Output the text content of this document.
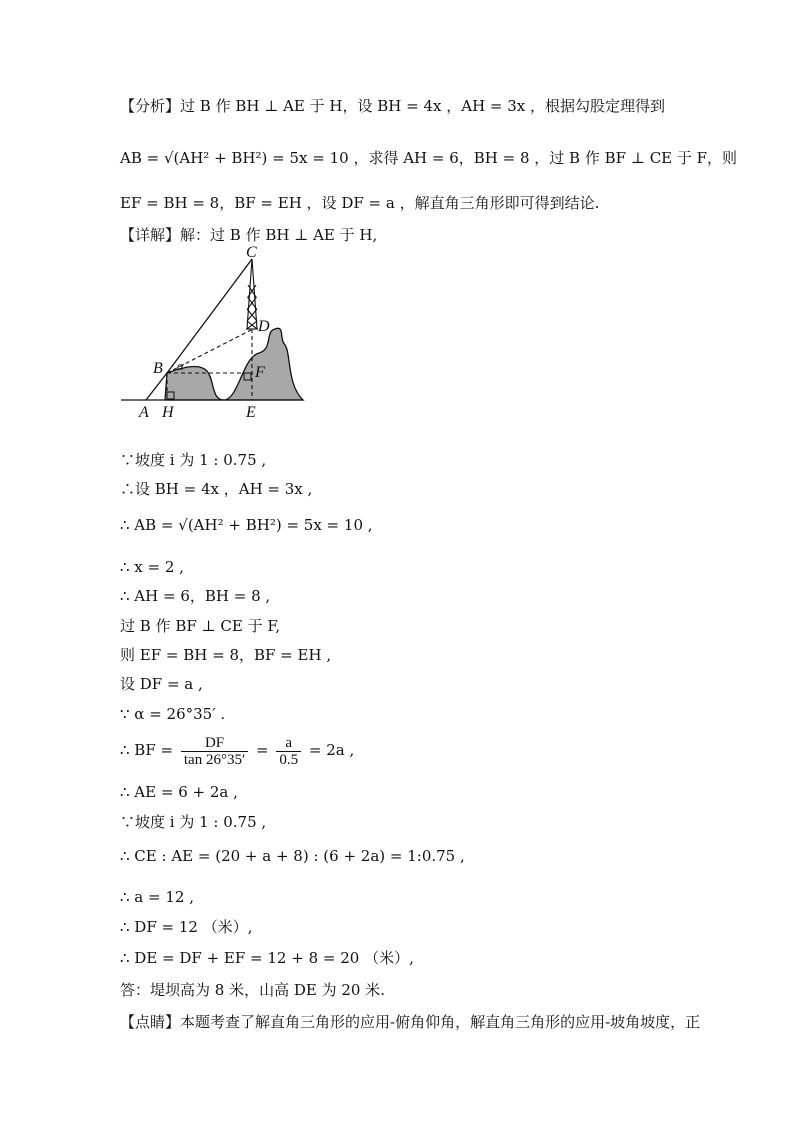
【分析】过 B 作 BH ⊥ AE 于 H，设 BH = 4x ，AH = 3x ，根据勾股定理得到
AB = √(AH² + BH²) = 5x = 10 ，求得 AH = 6，BH = 8 ，过 B 作 BF ⊥ CE 于 F，则
EF = BH = 8，BF = EH ，设 DF = a ，解直角三角形即可得到结论.
【详解】解：过 B 作 BH ⊥ AE 于 H,
C
D
B α	F
A H	E
∵坡度 i 为 1 : 0.75 ,
∴设 BH = 4x ，AH = 3x ,
∴ AB = √(AH² + BH²) = 5x = 10 ,
∴ x = 2 ,
∴ AH = 6，BH = 8 ,
过 B 作 BF ⊥ CE 于 F,
则 EF = BH = 8，BF = EH ,
设 DF = a ,
∵ α = 26°35′ .
∴ BF = $\frac{DF}{\tan 26^\circ 35'} = \frac{a}{0.5} = 2a$ ,
∴ AE = 6 + 2a ,
∵坡度 i 为 1 : 0.75 ,
∴ CE : AE = (20 + a + 8) : (6 + 2a) = 1:0.75 ,
∴ a = 12 ,
∴ DF = 12 （米）,
∴ DE = DF + EF = 12 + 8 = 20 （米）,
答：堤坝高为 8 米，山高 DE 为 20 米.
【点睛】本题考查了解直角三角形的应用-俯角仰角，解直角三角形的应用-坡角坡度，正
